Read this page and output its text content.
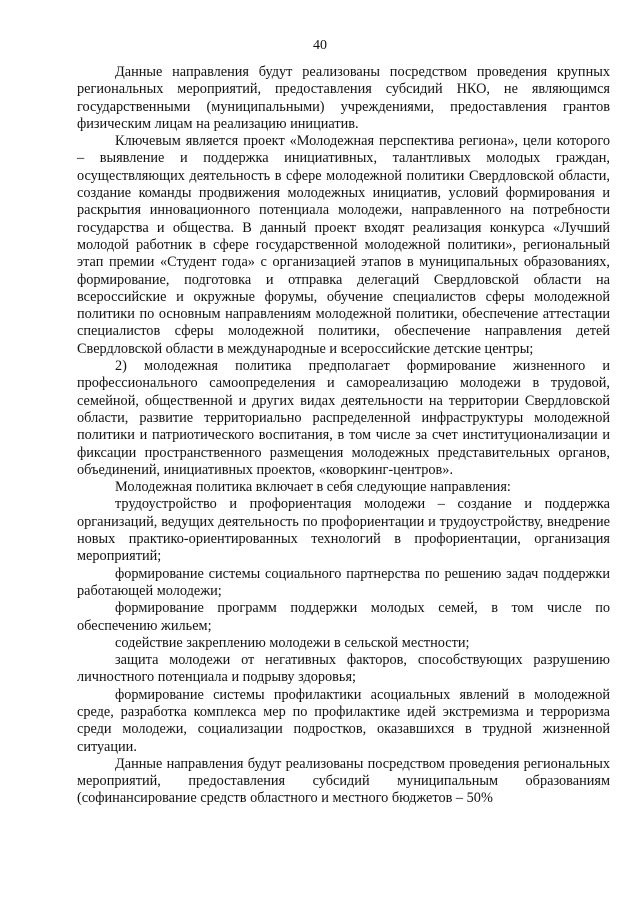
40

Данные направления будут реализованы посредством проведения крупных региональных мероприятий, предоставления субсидий НКО, не являющимся государственными (муниципальными) учреждениями, предоставления грантов физическим лицам на реализацию инициатив.

Ключевым является проект «Молодежная перспектива региона», цели которого – выявление и поддержка инициативных, талантливых молодых граждан, осуществляющих деятельность в сфере молодежной политики Свердловской области, создание команды продвижения молодежных инициатив, условий формирования и раскрытия инновационного потенциала молодежи, направленного на потребности государства и общества. В данный проект входят реализация конкурса «Лучший молодой работник в сфере государственной молодежной политики», региональный этап премии «Студент года» с организацией этапов в муниципальных образованиях, формирование, подготовка и отправка делегаций Свердловской области на всероссийские и окружные форумы, обучение специалистов сферы молодежной политики по основным направлениям молодежной политики, обеспечение аттестации специалистов сферы молодежной политики, обеспечение направления детей Свердловской области в международные и всероссийские детские центры;

2) молодежная политика предполагает формирование жизненного и профессионального самоопределения и самореализацию молодежи в трудовой, семейной, общественной и других видах деятельности на территории Свердловской области, развитие территориально распределенной инфраструктуры молодежной политики и патриотического воспитания, в том числе за счет институционализации и фиксации пространственного размещения молодежных представительных органов, объединений, инициативных проектов, «коворкинг-центров».

Молодежная политика включает в себя следующие направления:

трудоустройство и профориентация молодежи – создание и поддержка организаций, ведущих деятельность по профориентации и трудоустройству, внедрение новых практико-ориентированных технологий в профориентации, организация мероприятий;

формирование системы социального партнерства по решению задач поддержки работающей молодежи;

формирование программ поддержки молодых семей, в том числе по обеспечению жильем;

содействие закреплению молодежи в сельской местности;

защита молодежи от негативных факторов, способствующих разрушению личностного потенциала и подрыву здоровья;

формирование системы профилактики асоциальных явлений в молодежной среде, разработка комплекса мер по профилактике идей экстремизма и терроризма среди молодежи, социализации подростков, оказавшихся в трудной жизненной ситуации.

Данные направления будут реализованы посредством проведения региональных мероприятий, предоставления субсидий муниципальным образованиям (софинансирование средств областного и местного бюджетов – 50%
